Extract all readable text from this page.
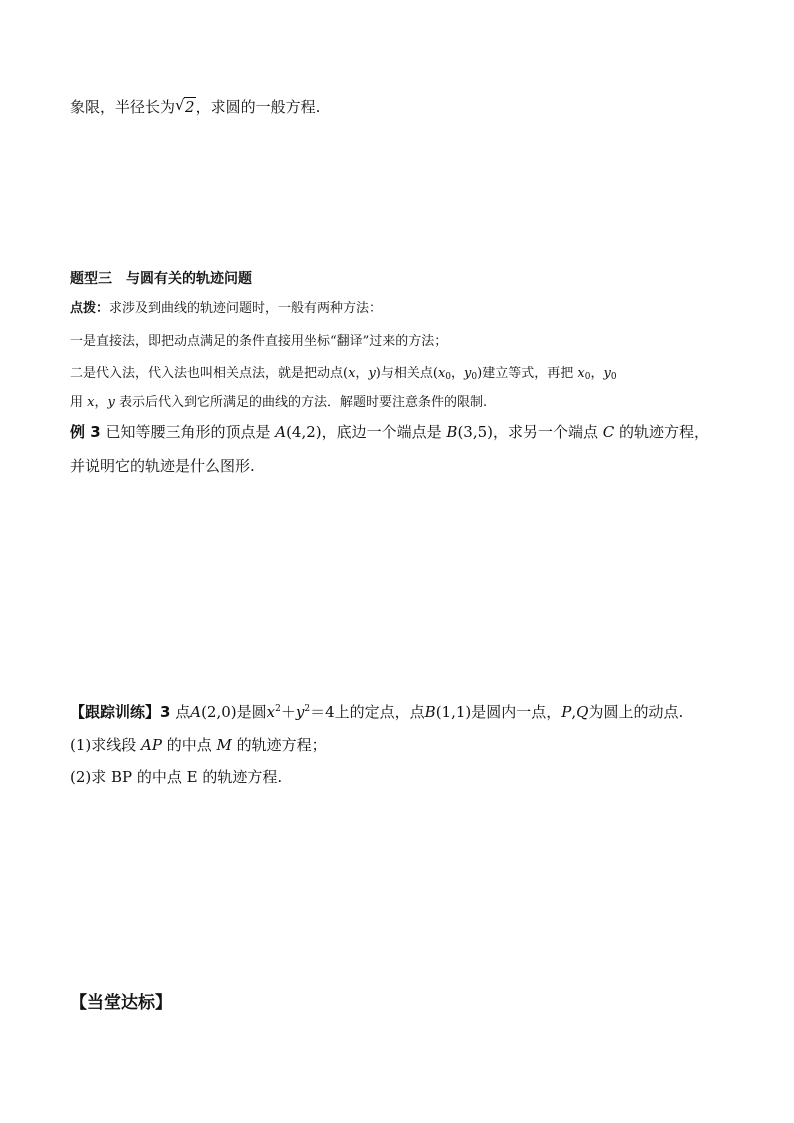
象限，半径长为 √ 2，求圆的一般方程.
题型三　与圆有关的轨迹问题
点拨：求涉及到曲线的轨迹问题时，一般有两种方法：
一是直接法，即把动点满足的条件直接用坐标“翻译”过来的方法；
二是代入法，代入法也叫相关点法，就是把动点(x，y)与相关点($x_0$，$y_0$)建立等式，再把 $x_0$，$y_0$
用 x，y 表示后代入到它所满足的曲线的方法．解题时要注意条件的限制.
例 3 已知等腰三角形的顶点是 A(4,2)，底边一个端点是 B(3,5)，求另一个端点 C 的轨迹方程，
并说明它的轨迹是什么图形.
【跟踪训练】3 点A(2,0)是圆$x^2+y^2=4$上的定点，点B(1,1)是圆内一点，P,Q为圆上的动点.
(1)求线段 AP 的中点 M 的轨迹方程；
(2)求 BP 的中点 E 的轨迹方程.
【当堂达标】
